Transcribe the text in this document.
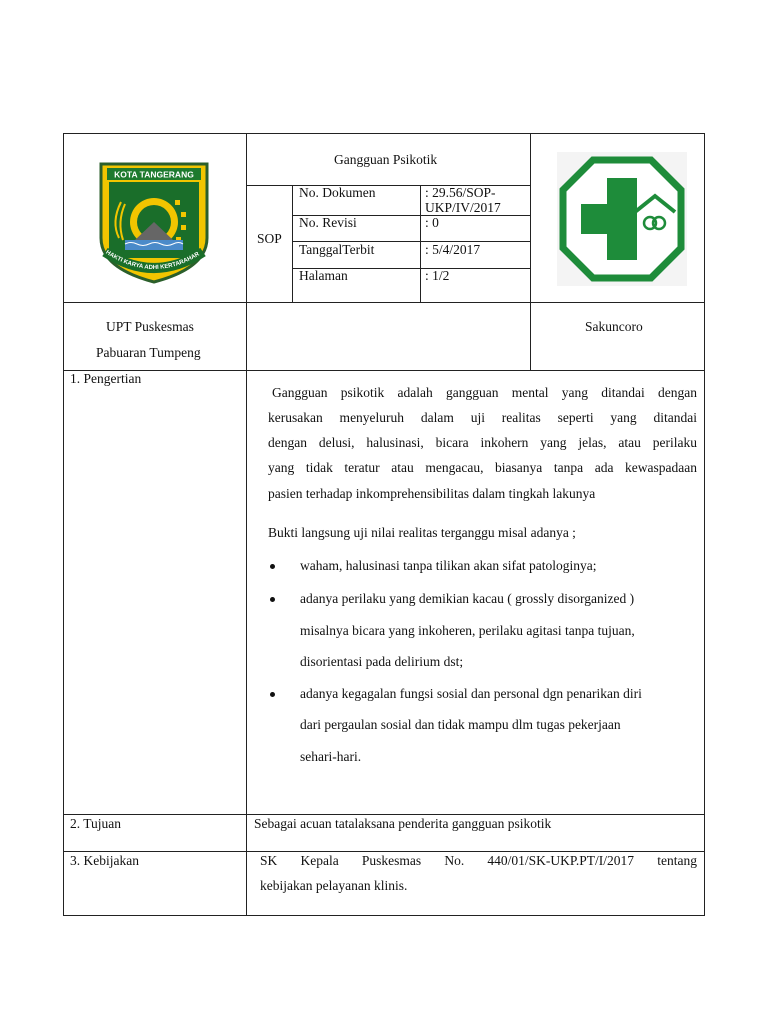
KOTA TANGERANG
HAKTI KARYA ADHI KERTARAHAR
Gangguan Psikotik
SOP
No. Dokumen	: 29.56/SOP-
UKP/IV/2017
No. Revisi	: 0
TanggalTerbit	: 5/4/2017
Halaman	: 1/2
UPT Puskesmas
Pabuaran Tumpeng
Sakuncoro
1. Pengertian
Gangguan psikotik adalah gangguan mental yang ditandai dengan
kerusakan menyeluruh dalam uji realitas seperti yang ditandai
dengan delusi, halusinasi, bicara inkohern yang jelas, atau perilaku
yang tidak teratur atau mengacau, biasanya tanpa ada kewaspadaan
pasien terhadap inkomprehensibilitas dalam tingkah lakunya
Bukti langsung uji nilai realitas terganggu misal adanya ;
waham, halusinasi tanpa tilikan akan sifat patologinya;
adanya perilaku yang demikian kacau ( grossly disorganized )
misalnya bicara yang inkoheren, perilaku agitasi tanpa tujuan,
disorientasi pada delirium dst;
adanya kegagalan fungsi sosial dan personal dgn penarikan diri
dari pergaulan sosial dan tidak mampu dlm tugas pekerjaan
sehari-hari.
2. Tujuan	Sebagai acuan tatalaksana penderita gangguan psikotik
3. Kebijakan	SK Kepala Puskesmas No. 440/01/SK-UKP.PT/I/2017 tentang
kebijakan pelayanan klinis.
